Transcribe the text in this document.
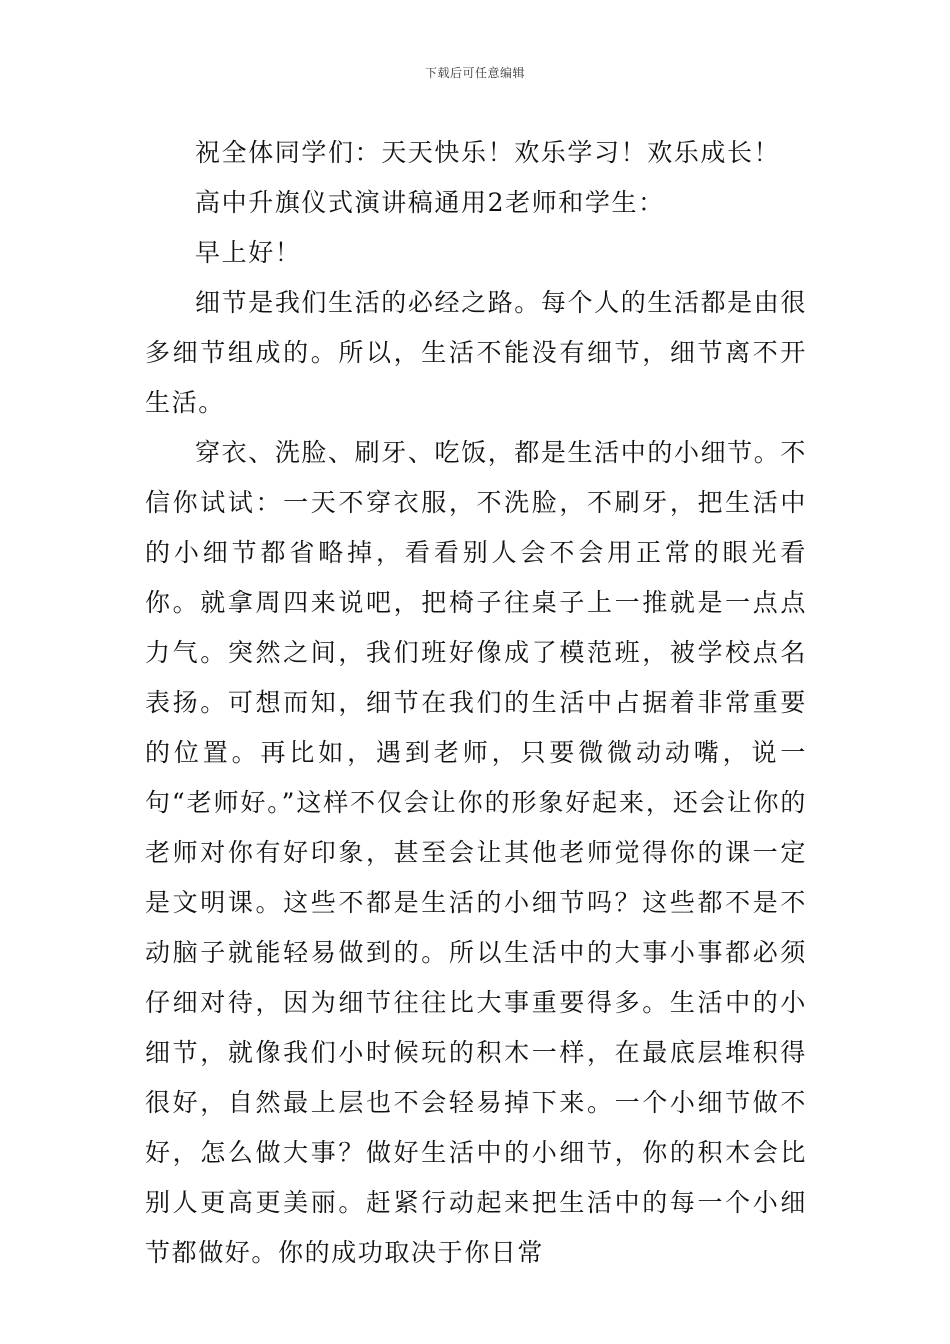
下载后可任意编辑

祝全体同学们：天天快乐！欢乐学习！欢乐成长！

高中升旗仪式演讲稿通用2老师和学生：

早上好！

细节是我们生活的必经之路。每个人的生活都是由很多细节组成的。所以，生活不能没有细节，细节离不开生活。

穿衣、洗脸、刷牙、吃饭，都是生活中的小细节。不信你试试：一天不穿衣服，不洗脸，不刷牙，把生活中的小细节都省略掉，看看别人会不会用正常的眼光看你。就拿周四来说吧，把椅子往桌子上一推就是一点点力气。突然之间，我们班好像成了模范班，被学校点名表扬。可想而知，细节在我们的生活中占据着非常重要的位置。再比如，遇到老师，只要微微动动嘴，说一句“老师好。”这样不仅会让你的形象好起来，还会让你的老师对你有好印象，甚至会让其他老师觉得你的课一定是文明课。这些不都是生活的小细节吗？这些都不是不动脑子就能轻易做到的。所以生活中的大事小事都必须仔细对待，因为细节往往比大事重要得多。生活中的小细节，就像我们小时候玩的积木一样，在最底层堆积得很好，自然最上层也不会轻易掉下来。一个小细节做不好，怎么做大事？做好生活中的小细节，你的积木会比别人更高更美丽。赶紧行动起来把生活中的每一个小细节都做好。你的成功取决于你日常
